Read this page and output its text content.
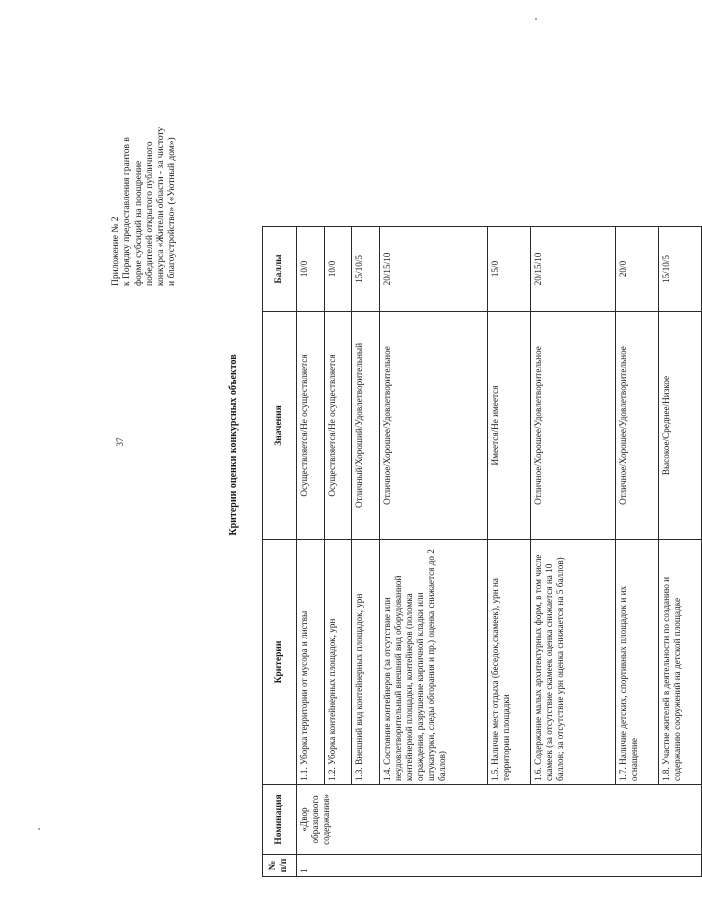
37
Приложение № 2 к Порядку предоставления грантов в форме субсидий на поощрение победителей открытого публичного конкурса «Жители области - за чистоту и благоустройство» («Уютный дом»)
Критерии оценки конкурсных объектов
№ п/п	Номинация	Критерии	Значения	Баллы
1	«Двор образцового содержания»	1.1. Уборка территории от мусора и листвы	Осуществляется/Не осуществляется	10/0
		1.2. Уборка контейнерных площадок, урн	Осуществляется/Не осуществляется	10/0
		1.3. Внешний вид контейнерных площадок, урн	Отличный/Хороший/Удовлетворительный	15/10/5
		1.4. Состояние контейнеров (за отсутствие или неудовлетворительный внешний вид оборудованной контейнерной площадки, контейнеров (поломка ограждения, разрушение кирпичной кладки или штукатурки, следы обгорания и пр.) оценка снижается до 2 баллов)	Отличное/Хорошее/Удовлетворительное	20/15/10
		1.5. Наличие мест отдыха (беседок,скамеек), урн на территории площадки	Имеется/Не имеется	15/0
		1.6. Содержание малых архитектурных форм, в том числе скамеек (за отсутствие скамеек оценка снижается на 10 баллов; за отсутствие урн оценка снижается на 5 баллов)	Отличное/Хорошее/Удовлетворительное	20/15/10
		1.7. Наличие детских, спортивных площадок и их оснащение	Отличное/Хорошее/Удовлетворительное	20/0
		1.8. Участие жителей в деятельности по созданию и содержанию сооружений на детской площадке	Высокое/Среднее/Низкое	15/10/5
